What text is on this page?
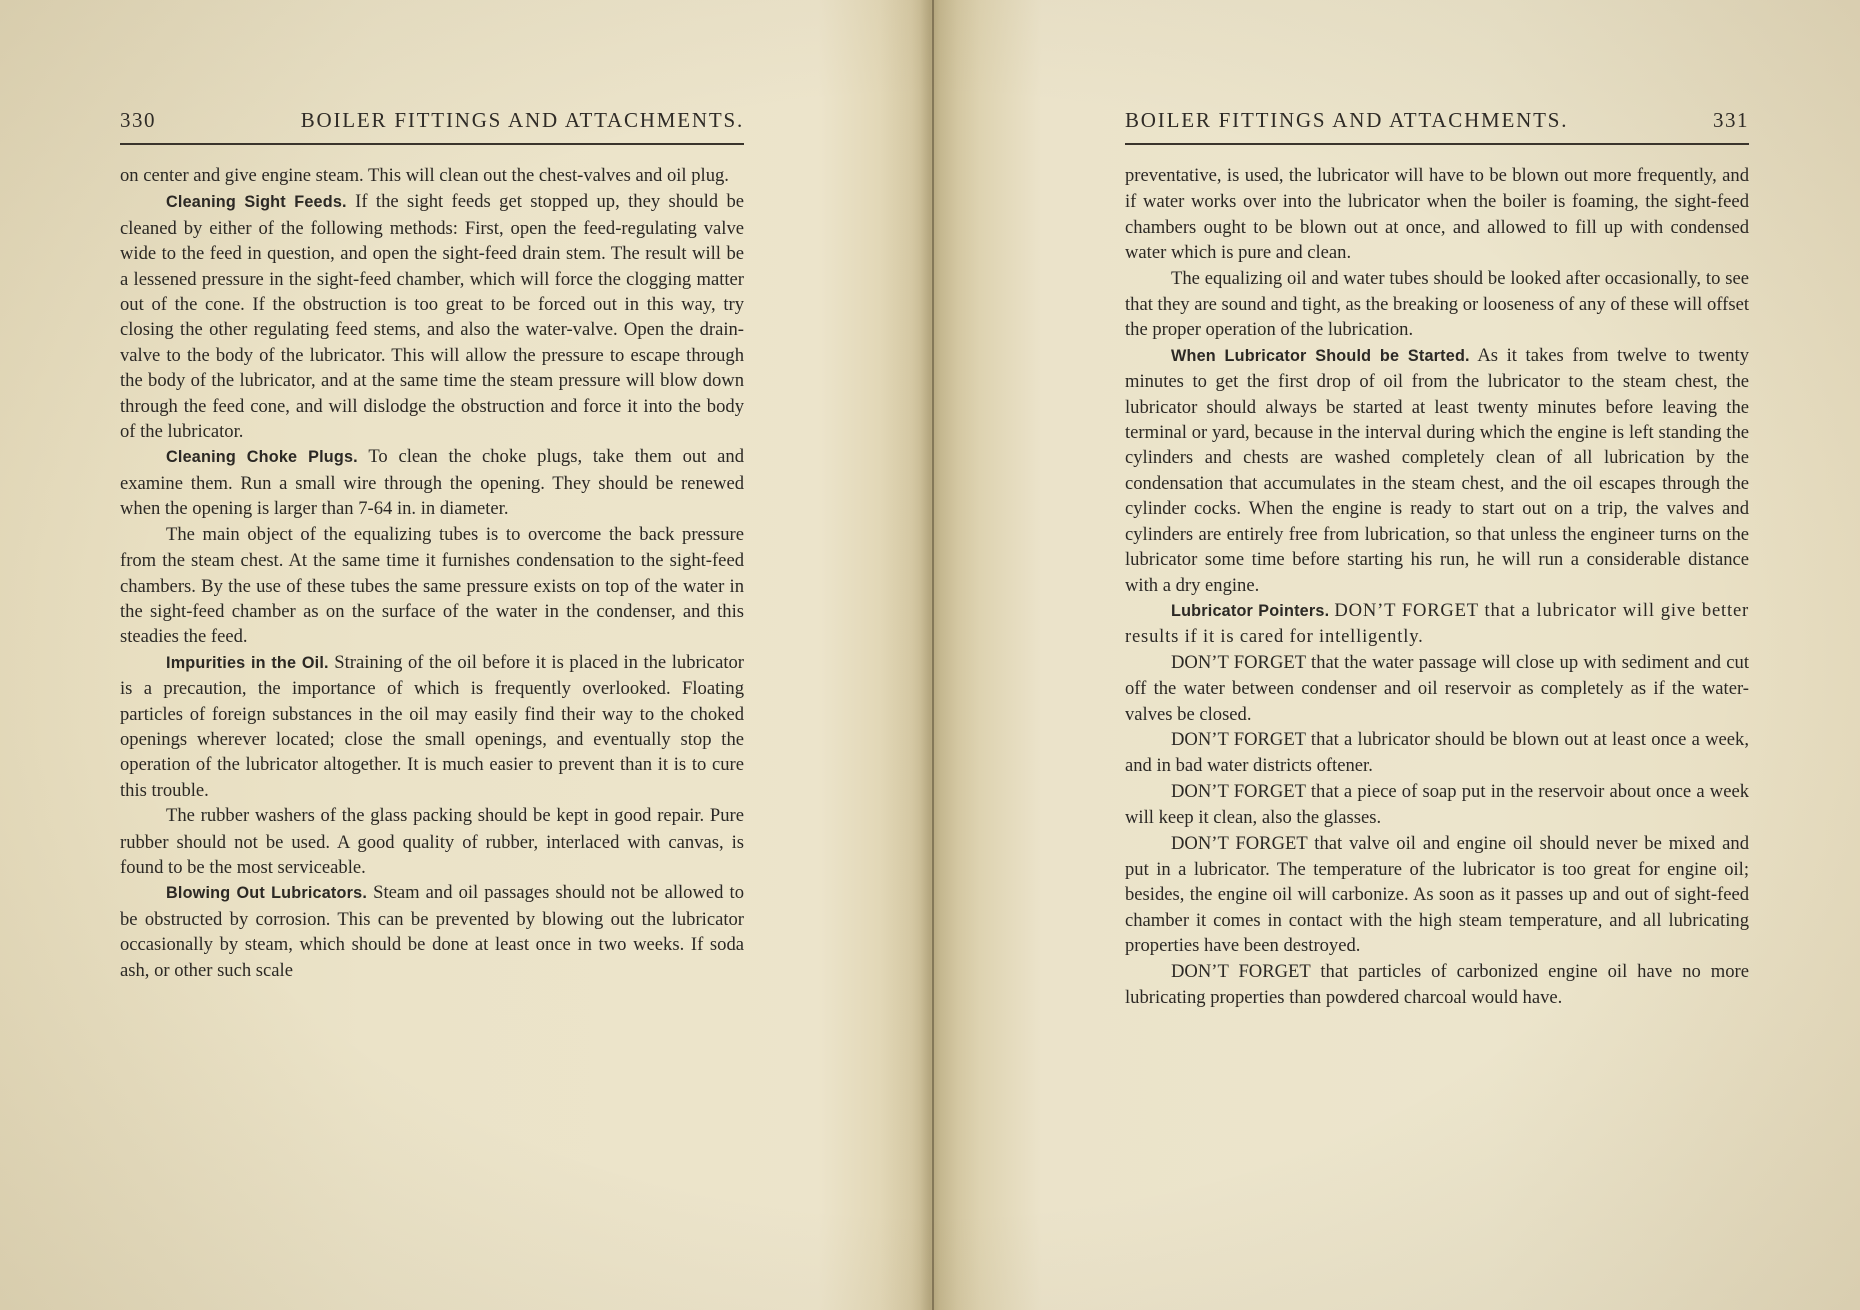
330	BOILER FITTINGS AND ATTACHMENTS.

on center and give engine steam. This will clean out the chest-valves and oil plug.

Cleaning Sight Feeds. If the sight feeds get stopped up, they should be cleaned by either of the following methods: First, open the feed-regulating valve wide to the feed in question, and open the sight-feed drain stem. The result will be a lessened pressure in the sight-feed chamber, which will force the clogging matter out of the cone. If the obstruction is too great to be forced out in this way, try closing the other regulating feed stems, and also the water-valve. Open the drain-valve to the body of the lubricator. This will allow the pressure to escape through the body of the lubricator, and at the same time the steam pressure will blow down through the feed cone, and will dislodge the obstruction and force it into the body of the lubricator.

Cleaning Choke Plugs. To clean the choke plugs, take them out and examine them. Run a small wire through the opening. They should be renewed when the opening is larger than 7-64 in. in diameter.

The main object of the equalizing tubes is to overcome the back pressure from the steam chest. At the same time it furnishes condensation to the sight-feed chambers. By the use of these tubes the same pressure exists on top of the water in the sight-feed chamber as on the surface of the water in the condenser, and this steadies the feed.

Impurities in the Oil. Straining of the oil before it is placed in the lubricator is a precaution, the importance of which is frequently overlooked. Floating particles of foreign substances in the oil may easily find their way to the choked openings wherever located; close the small openings, and eventually stop the operation of the lubricator altogether. It is much easier to prevent than it is to cure this trouble.

The rubber washers of the glass packing should be kept in good repair. Pure rubber should not be used. A good quality of rubber, interlaced with canvas, is found to be the most serviceable.

Blowing Out Lubricators. Steam and oil passages should not be allowed to be obstructed by corrosion. This can be prevented by blowing out the lubricator occasionally by steam, which should be done at least once in two weeks. If soda ash, or other such scale

BOILER FITTINGS AND ATTACHMENTS.	331

preventative, is used, the lubricator will have to be blown out more frequently, and if water works over into the lubricator when the boiler is foaming, the sight-feed chambers ought to be blown out at once, and allowed to fill up with condensed water which is pure and clean.

The equalizing oil and water tubes should be looked after occasionally, to see that they are sound and tight, as the breaking or looseness of any of these will offset the proper operation of the lubrication.

When Lubricator Should be Started. As it takes from twelve to twenty minutes to get the first drop of oil from the lubricator to the steam chest, the lubricator should always be started at least twenty minutes before leaving the terminal or yard, because in the interval during which the engine is left standing the cylinders and chests are washed completely clean of all lubrication by the condensation that accumulates in the steam chest, and the oil escapes through the cylinder cocks. When the engine is ready to start out on a trip, the valves and cylinders are entirely free from lubrication, so that unless the engineer turns on the lubricator some time before starting his run, he will run a considerable distance with a dry engine.

Lubricator Pointers. DON’T FORGET that a lubricator will give better results if it is cared for intelligently.

DON’T FORGET that the water passage will close up with sediment and cut off the water between condenser and oil reservoir as completely as if the water-valves be closed.

DON’T FORGET that a lubricator should be blown out at least once a week, and in bad water districts oftener.

DON’T FORGET that a piece of soap put in the reservoir about once a week will keep it clean, also the glasses.

DON’T FORGET that valve oil and engine oil should never be mixed and put in a lubricator. The temperature of the lubricator is too great for engine oil; besides, the engine oil will carbonize. As soon as it passes up and out of sight-feed chamber it comes in contact with the high steam temperature, and all lubricating properties have been destroyed.

DON’T FORGET that particles of carbonized engine oil have no more lubricating properties than powdered charcoal would have.
